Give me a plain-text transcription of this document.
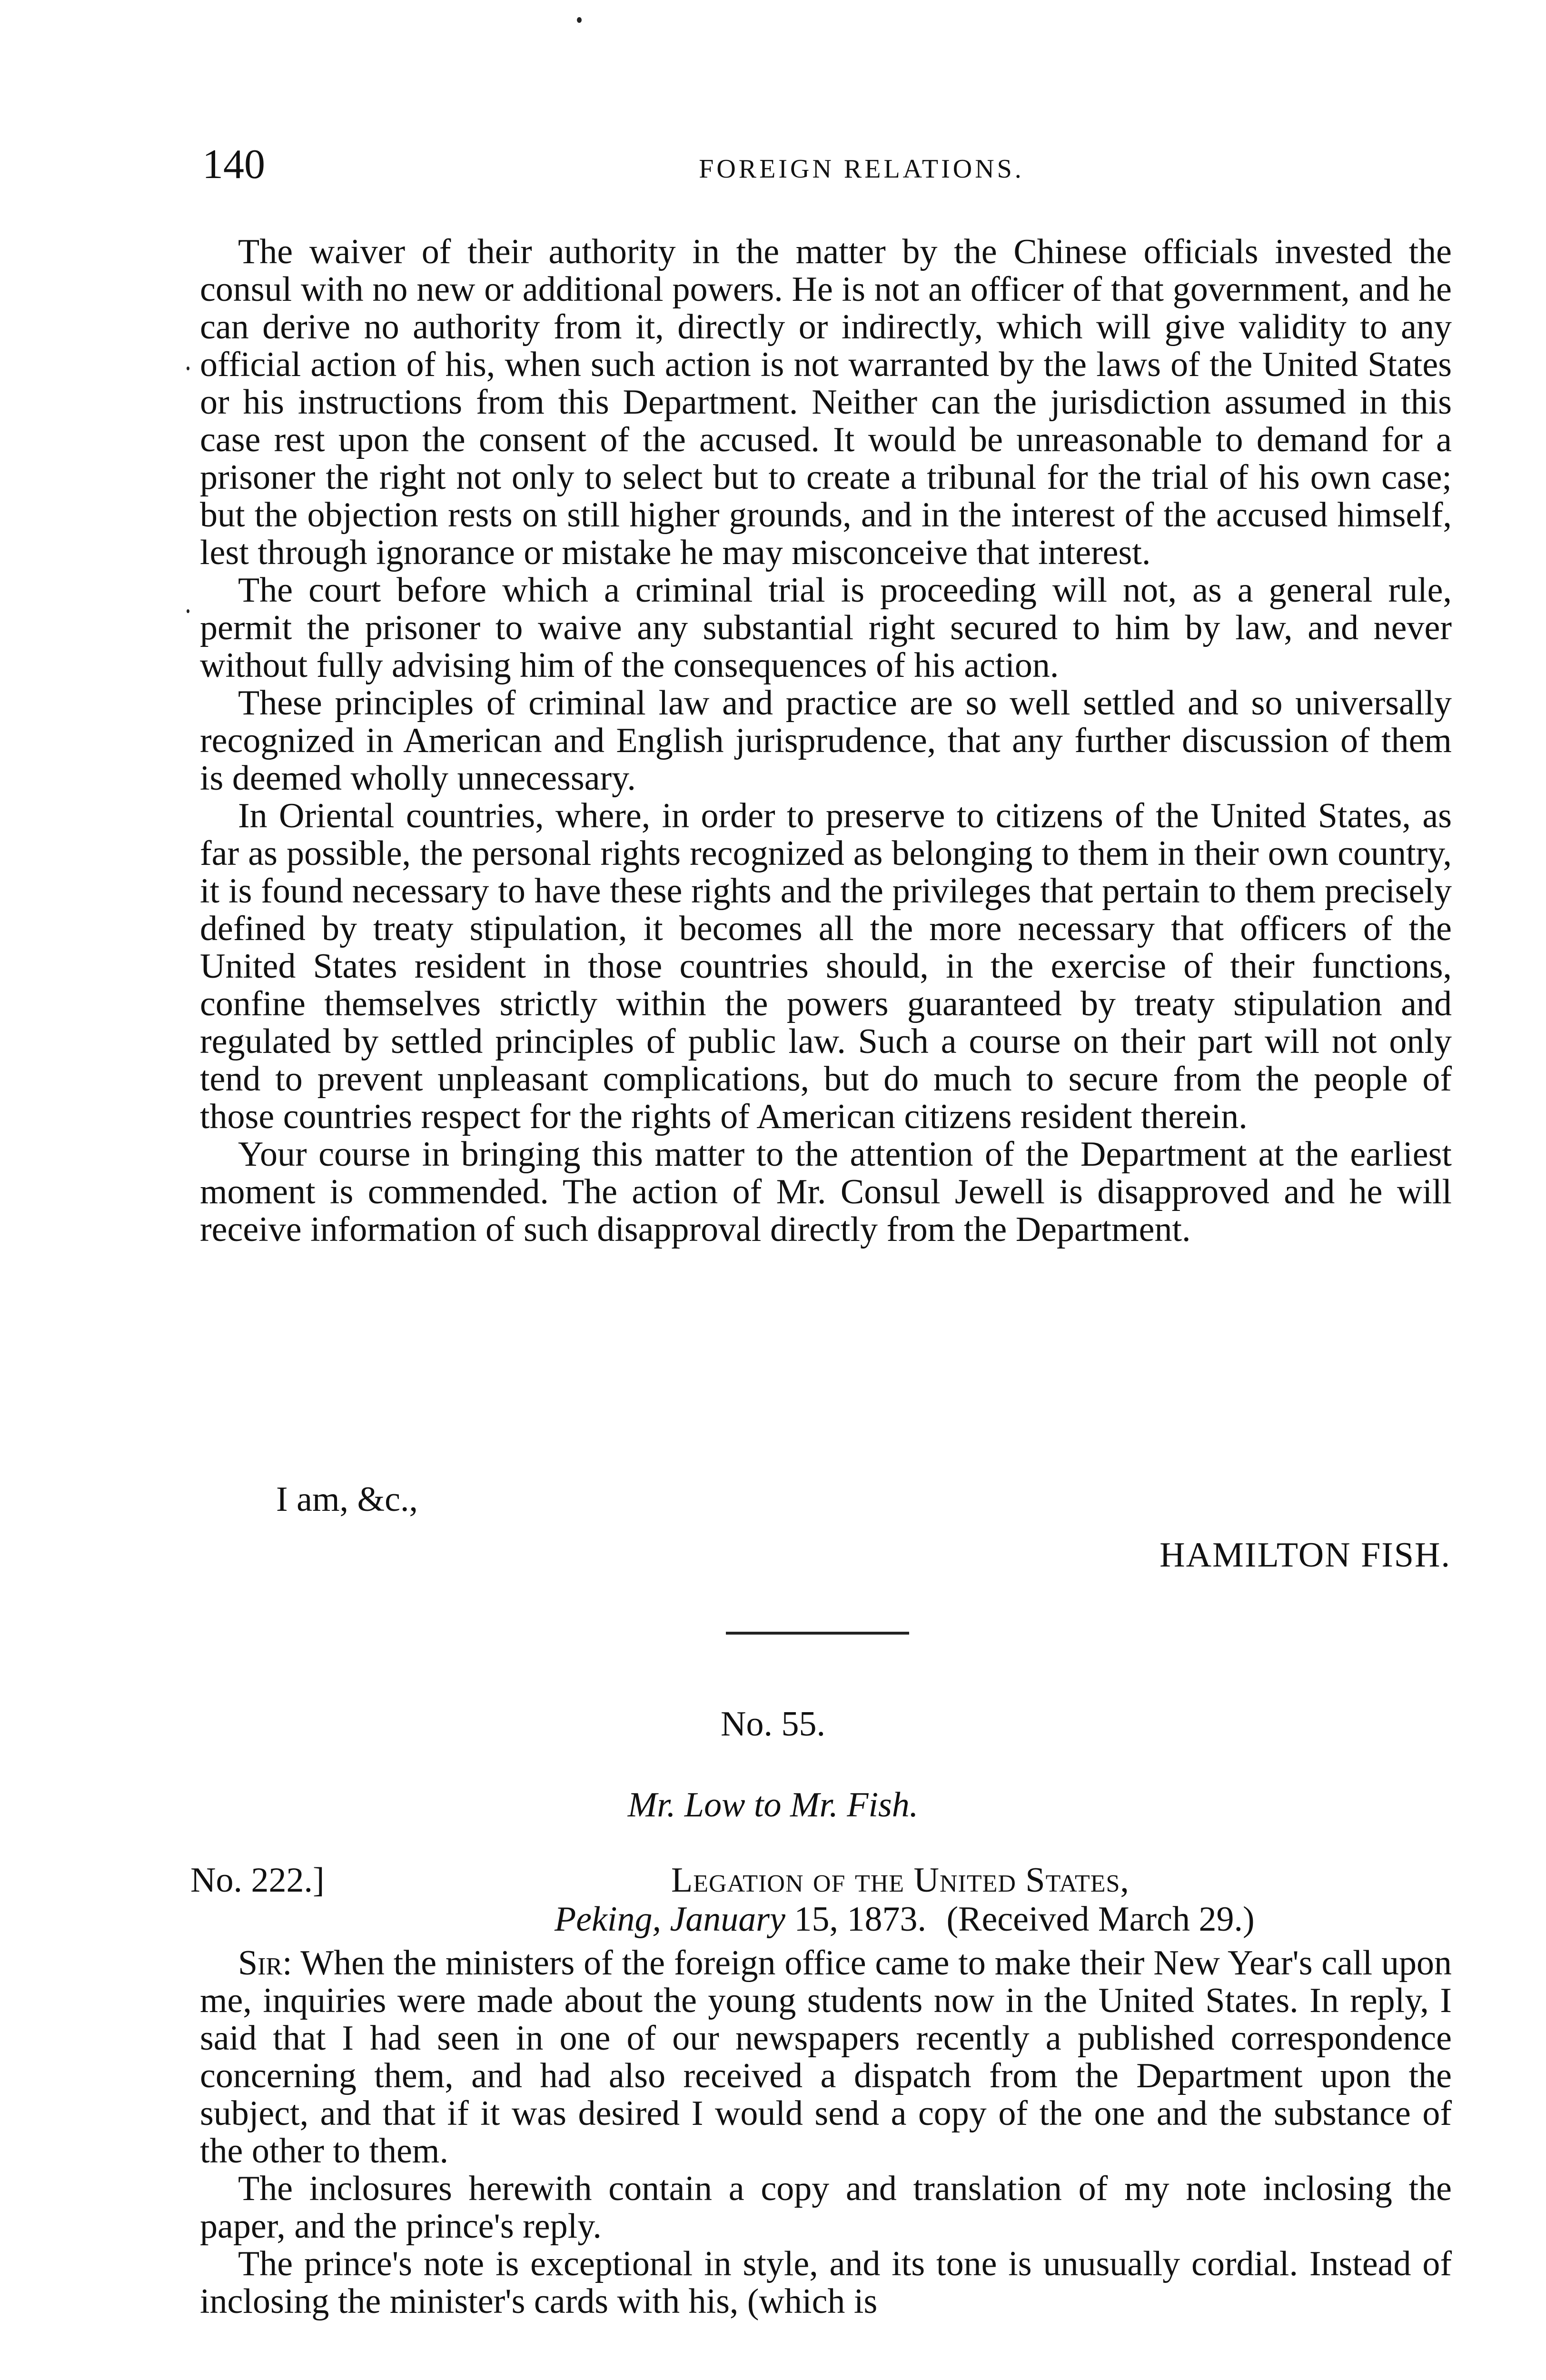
140	FOREIGN RELATIONS.

The waiver of their authority in the matter by the Chinese officials invested the consul with no new or additional powers. He is not an officer of that government, and he can derive no authority from it, directly or indirectly, which will give validity to any official action of his, when such action is not warranted by the laws of the United States or his instructions from this Department. Neither can the jurisdiction assumed in this case rest upon the consent of the accused. It would be unreasonable to demand for a prisoner the right not only to select but to create a tribunal for the trial of his own case; but the objection rests on still higher grounds, and in the interest of the accused himself, lest through ignorance or mistake he may misconceive that interest.

The court before which a criminal trial is proceeding will not, as a general rule, permit the prisoner to waive any substantial right secured to him by law, and never without fully advising him of the consequences of his action.

These principles of criminal law and practice are so well settled and so universally recognized in American and English jurisprudence, that any further discussion of them is deemed wholly unnecessary.

In Oriental countries, where, in order to preserve to citizens of the United States, as far as possible, the personal rights recognized as belonging to them in their own country, it is found necessary to have these rights and the privileges that pertain to them precisely defined by treaty stipulation, it becomes all the more necessary that officers of the United States resident in those countries should, in the exercise of their functions, confine themselves strictly within the powers guaranteed by treaty stipulation and regulated by settled principles of public law. Such a course on their part will not only tend to prevent unpleasant complications, but do much to secure from the people of those countries respect for the rights of American citizens resident therein.

Your course in bringing this matter to the attention of the Department at the earliest moment is commended. The action of Mr. Consul Jewell is disapproved and he will receive information of such disapproval directly from the Department.

I am, &c.,
HAMILTON FISH.
No. 55.
Mr. Low to Mr. Fish.
No. 222.]	Legation of the United States,
Peking, January 15, 1873. (Received March 29.)

Sir: When the ministers of the foreign office came to make their New Year's call upon me, inquiries were made about the young students now in the United States. In reply, I said that I had seen in one of our newspapers recently a published correspondence concerning them, and had also received a dispatch from the Department upon the subject, and that if it was desired I would send a copy of the one and the substance of the other to them.

The inclosures herewith contain a copy and translation of my note inclosing the paper, and the prince's reply.

The prince's note is exceptional in style, and its tone is unusually cordial. Instead of inclosing the minister's cards with his, (which is
